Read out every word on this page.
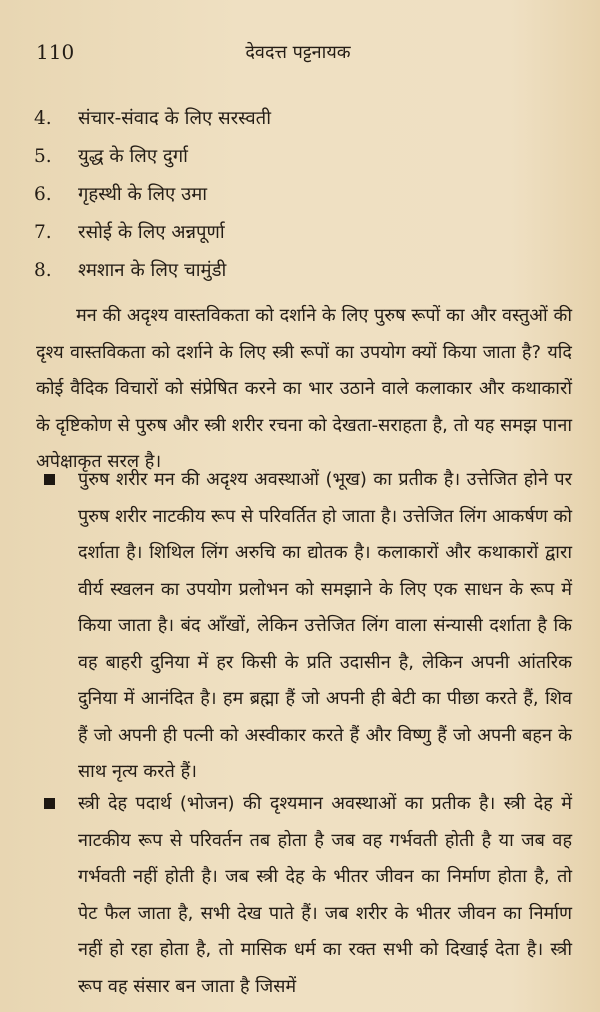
110	देवदत्त पट्टनायक
4. संचार-संवाद के लिए सरस्वती
5. युद्ध के लिए दुर्गा
6. गृहस्थी के लिए उमा
7. रसोई के लिए अन्नपूर्णा
8. श्मशान के लिए चामुंडी

मन की अदृश्य वास्तविकता को दर्शाने के लिए पुरुष रूपों का और वस्तुओं की दृश्य वास्तविकता को दर्शाने के लिए स्त्री रूपों का उपयोग क्यों किया जाता है? यदि कोई वैदिक विचारों को संप्रेषित करने का भार उठाने वाले कलाकार और कथाकारों के दृष्टिकोण से पुरुष और स्त्री शरीर रचना को देखता-सराहता है, तो यह समझ पाना अपेक्षाकृत सरल है।

पुरुष शरीर मन की अदृश्य अवस्थाओं (भूख) का प्रतीक है। उत्तेजित होने पर पुरुष शरीर नाटकीय रूप से परिवर्तित हो जाता है। उत्तेजित लिंग आकर्षण को दर्शाता है। शिथिल लिंग अरुचि का द्योतक है। कलाकारों और कथाकारों द्वारा वीर्य स्खलन का उपयोग प्रलोभन को समझाने के लिए एक साधन के रूप में किया जाता है। बंद आँखों, लेकिन उत्तेजित लिंग वाला संन्यासी दर्शाता है कि वह बाहरी दुनिया में हर किसी के प्रति उदासीन है, लेकिन अपनी आंतरिक दुनिया में आनंदित है। हम ब्रह्मा हैं जो अपनी ही बेटी का पीछा करते हैं, शिव हैं जो अपनी ही पत्नी को अस्वीकार करते हैं और विष्णु हैं जो अपनी बहन के साथ नृत्य करते हैं।
स्त्री देह पदार्थ (भोजन) की दृश्यमान अवस्थाओं का प्रतीक है। स्त्री देह में नाटकीय रूप से परिवर्तन तब होता है जब वह गर्भवती होती है या जब वह गर्भवती नहीं होती है। जब स्त्री देह के भीतर जीवन का निर्माण होता है, तो पेट फैल जाता है, सभी देख पाते हैं। जब शरीर के भीतर जीवन का निर्माण नहीं हो रहा होता है, तो मासिक धर्म का रक्त सभी को दिखाई देता है। स्त्री रूप वह संसार बन जाता है जिसमें
